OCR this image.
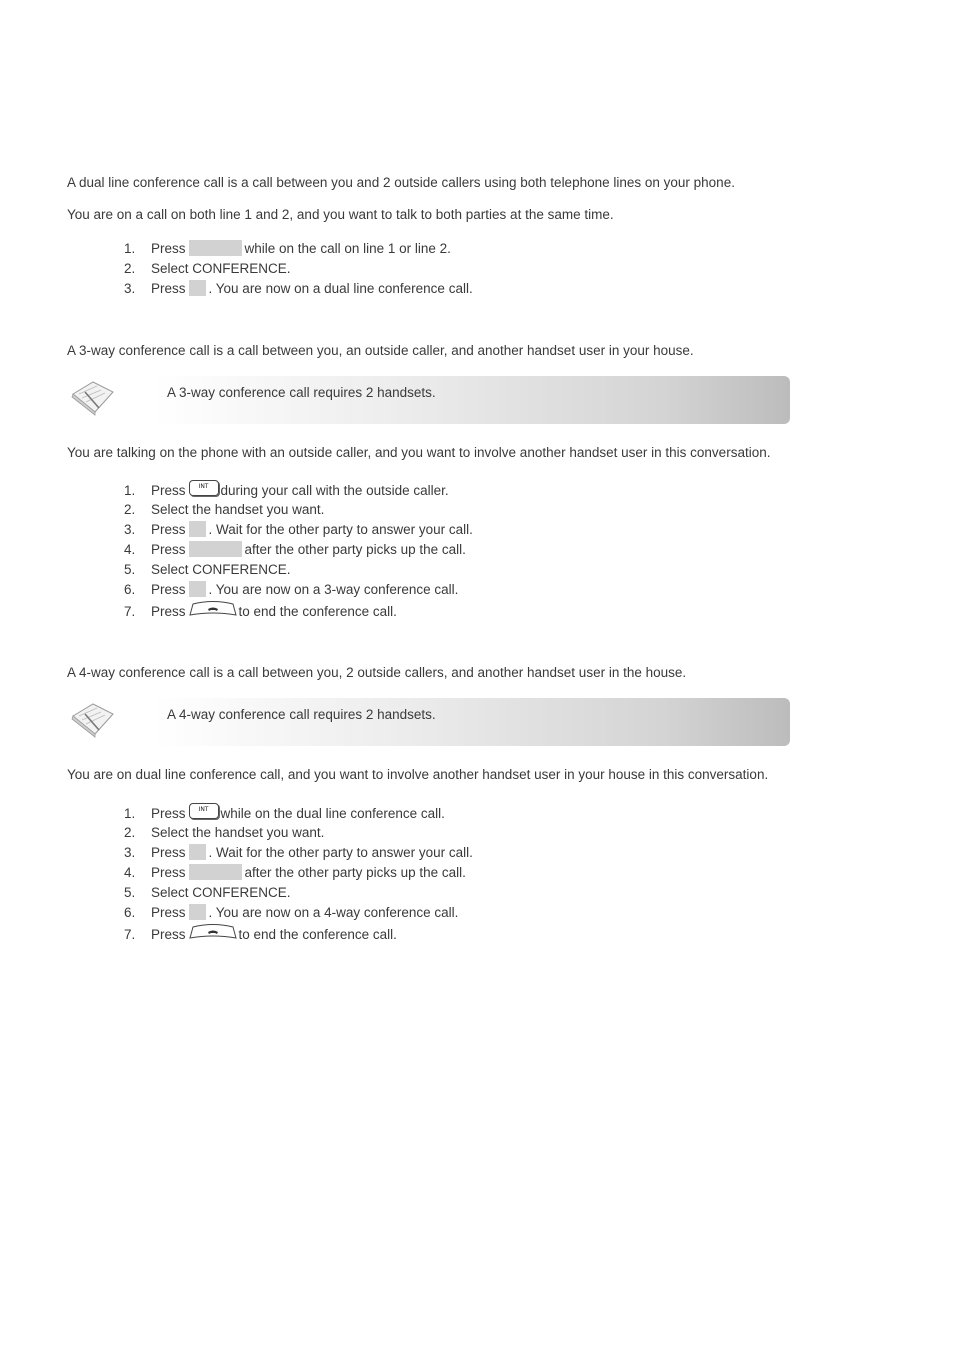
A dual line conference call is a call between you and 2 outside callers using both telephone lines on your phone.

You are on a call on both line 1 and 2, and you want to talk to both parties at the same time.

1. Press	while on the call on line 1 or line 2.
2. Select CONFERENCE.
3. Press . You are now on a dual line conference call.

A 3-way conference call is a call between you, an outside caller, and another handset user in your house.

A 3-way conference call requires 2 handsets.

You are talking on the phone with an outside caller, and you want to involve another handset user in this conversation.

1. Press	INT during your call with the outside caller.
2. Select the handset you want.
3. Press . Wait for the other party to answer your call.
4. Press	after the other party picks up the call.
5. Select CONFERENCE.
6. Press . You are now on a 3-way conference call.
7. Press	to end the conference call.

A 4-way conference call is a call between you, 2 outside callers, and another handset user in the house.

A 4-way conference call requires 2 handsets.

You are on dual line conference call, and you want to involve another handset user in your house in this conversation.

1. Press	INT while on the dual line conference call.
2. Select the handset you want.
3. Press . Wait for the other party to answer your call.
4. Press	after the other party picks up the call.
5. Select CONFERENCE.
6. Press . You are now on a 4-way conference call.
7. Press	to end the conference call.
